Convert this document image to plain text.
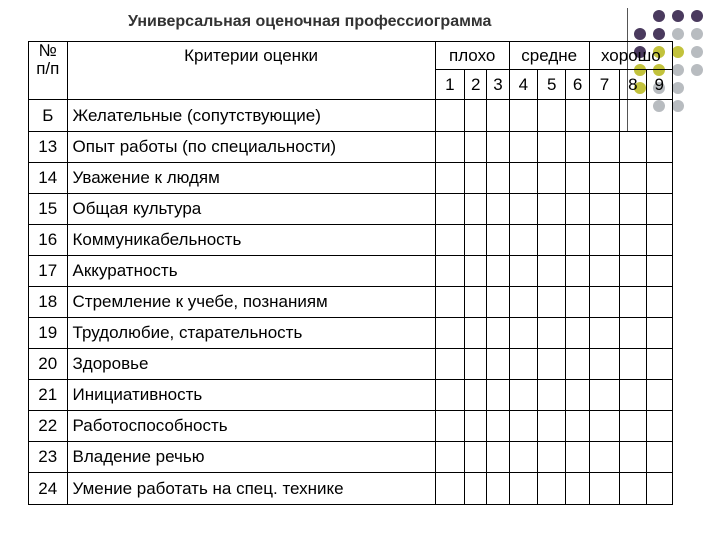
Универсальная оценочная профессиограмма
№
п/п	Критерии оценки	плохо			средне			хорошо		
		1	2	3	4	5	6	7	8	9
Б	Желательные (сопутствующие)									
13	Опыт работы (по специальности)									
14	Уважение к людям									
15	Общая культура									
16	Коммуникабельность									
17	Аккуратность									
18	Стремление к учебе, познаниям									
19	Трудолюбие, старательность									
20	Здоровье									
21	Инициативность									
22	Работоспособность									
23	Владение речью									
24	Умение работать на спец. технике									
